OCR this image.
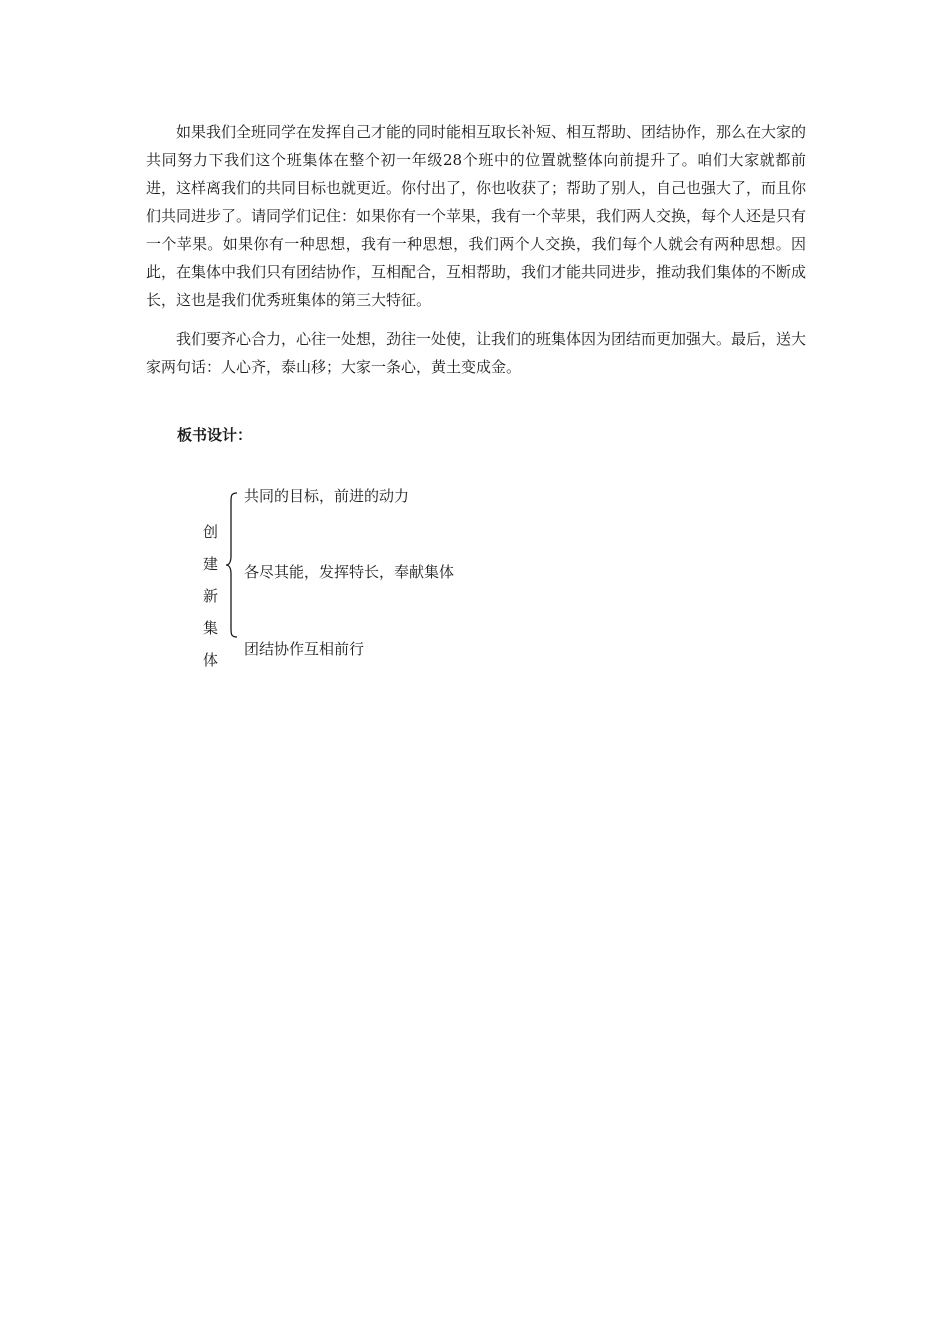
如果我们全班同学在发挥自己才能的同时能相互取长补短、相互帮助、团结协作，那么在大家的共同努力下我们这个班集体在整个初一年级28个班中的位置就整体向前提升了。咱们大家就都前进，这样离我们的共同目标也就更近。你付出了，你也收获了；帮助了别人，自己也强大了，而且你们共同进步了。请同学们记住：如果你有一个苹果，我有一个苹果，我们两人交换，每个人还是只有一个苹果。如果你有一种思想，我有一种思想，我们两个人交换，我们每个人就会有两种思想。因此，在集体中我们只有团结协作，互相配合，互相帮助，我们才能共同进步，推动我们集体的不断成长，这也是我们优秀班集体的第三大特征。

我们要齐心合力，心往一处想，劲往一处使，让我们的班集体因为团结而更加强大。最后，送大家两句话：人心齐，泰山移；大家一条心，黄土变成金。

板书设计：

创
建
新
集
体
共同的目标，前进的动力
各尽其能，发挥特长，奉献集体
团结协作互相前行
